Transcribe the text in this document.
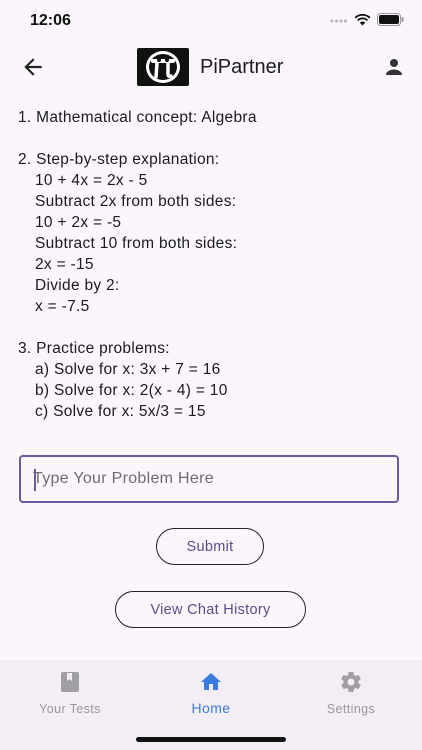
12:06
PiPartner
1. Mathematical concept: Algebra
2. Step-by-step explanation:
10 + 4x = 2x - 5
Subtract 2x from both sides:
10 + 2x = -5
Subtract 10 from both sides:
2x = -15
Divide by 2:
x = -7.5
3. Practice problems:
a) Solve for x: 3x + 7 = 16
b) Solve for x: 2(x - 4) = 10
c) Solve for x: 5x/3 = 15
Type Your Problem Here
Submit
View Chat History
Your Tests	Home	Settings
